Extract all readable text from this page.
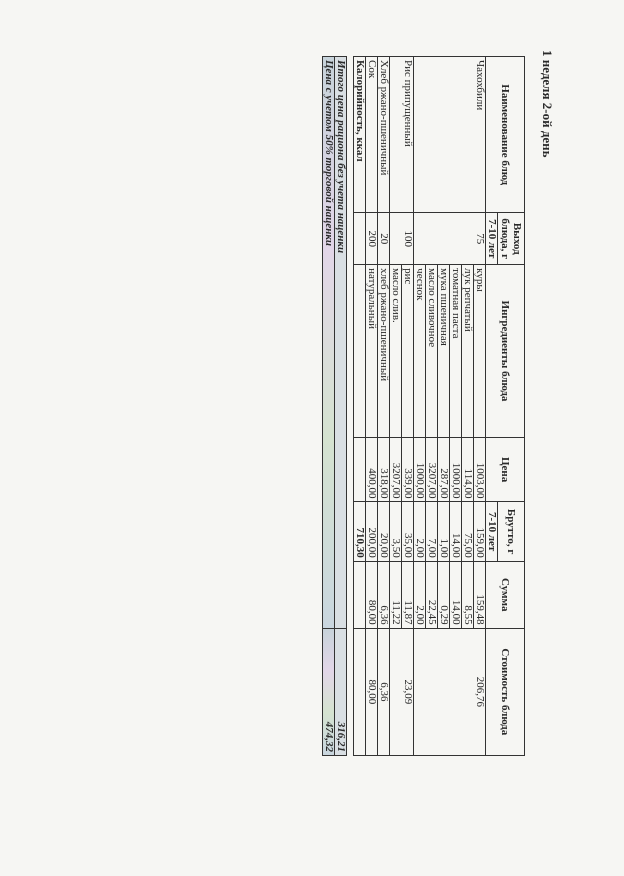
1 неделя 2-ой день
Наименование блюд	Выход блюда, г	Ингредиенты блюда	Цена	Брутто, г	Сумма	Стоимость блюда
	7-10 лет			7-10 лет		
Чахохбили	75	куры	1003,00	159,00	159,48	206,76
		лук репчатый	114,00	75,00	8,55	
		томатная паста	1000,00	14,00	14,00	
		мука пшеничная	287,00	1,00	0,29	
		масло сливочное	3207,00	7,00	22,45	
		чеснок	1000,00	2,00	2,00	
Рис припущенный	100	рис	339,00	35,00	11,87	23,09
		масло слив.	3207,00	3,50	11,22	
Хлеб ржано-пшеничный	20	хлеб ржано-пшеничный	318,00	20,00	6,36	6,36
Сок	200	натуральный	400,00	200,00	80,00	80,00
Калорийность, ккал				710,30		

Итого цена рациона без учета наценки						316,21
Цена с учетом 50% торговой наценки						474,32
